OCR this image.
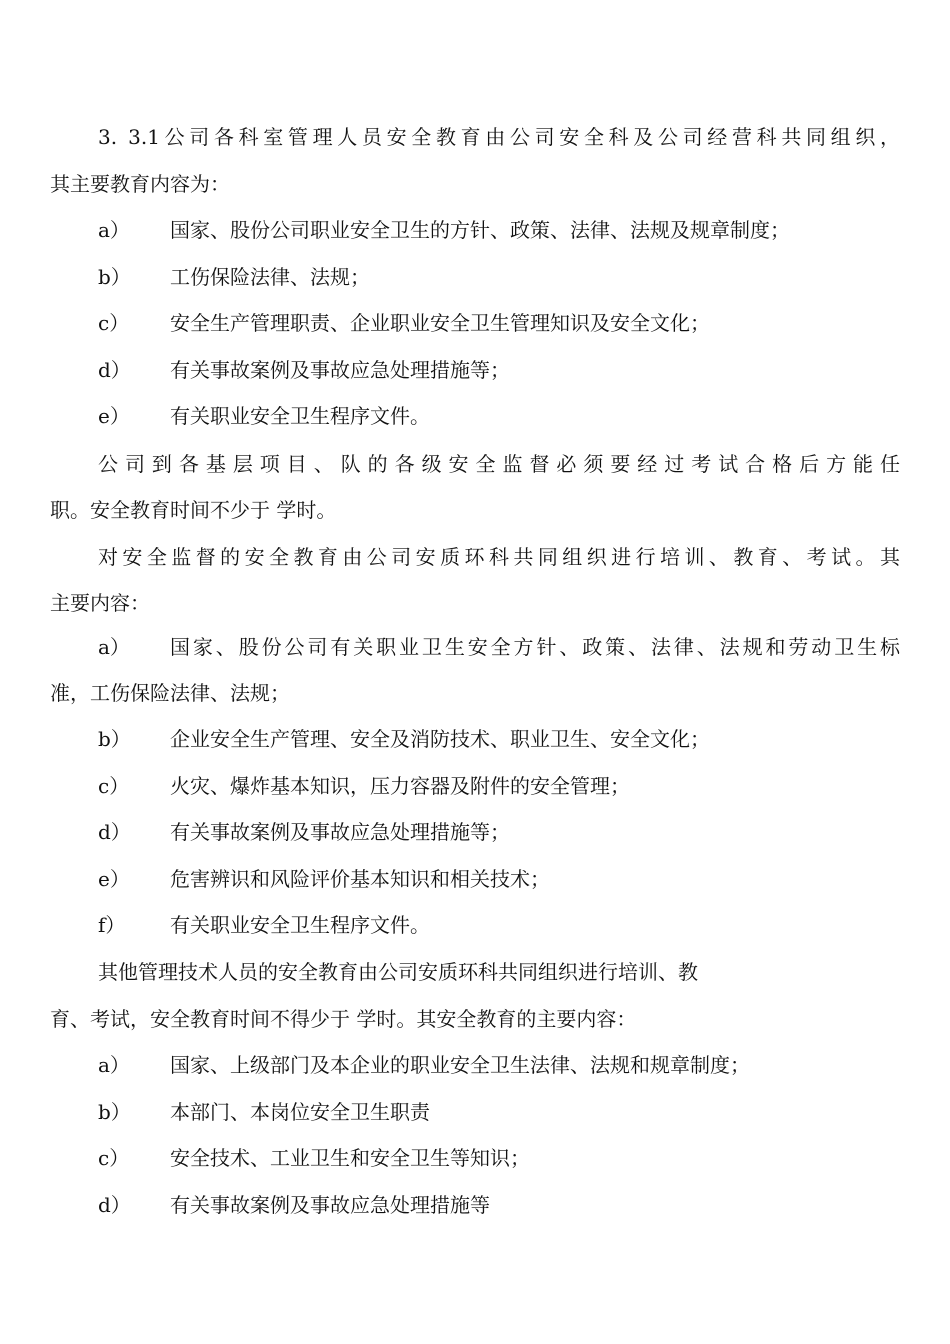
3. 3.1公司各科室管理人员安全教育由公司安全科及公司经营科共同组织，
其主要教育内容为：
a）	国家、股份公司职业安全卫生的方针、政策、法律、法规及规章制度；
b）	工伤保险法律、法规；
c）	安全生产管理职责、企业职业安全卫生管理知识及安全文化；
d）	有关事故案例及事故应急处理措施等；
e）	有关职业安全卫生程序文件。
公司到各基层项目、队的各级安全监督必须要经过考试合格后方能任
职。安全教育时间不少于 学时。
对安全监督的安全教育由公司安质环科共同组织进行培训、教育、考试。其
主要内容：
a）	国家、股份公司有关职业卫生安全方针、政策、法律、法规和劳动卫生标
准，工伤保险法律、法规；
b）	企业安全生产管理、安全及消防技术、职业卫生、安全文化；
c）	火灾、爆炸基本知识，压力容器及附件的安全管理；
d）	有关事故案例及事故应急处理措施等；
e）	危害辨识和风险评价基本知识和相关技术；
f）	有关职业安全卫生程序文件。
其他管理技术人员的安全教育由公司安质环科共同组织进行培训、教
育、考试，安全教育时间不得少于 学时。其安全教育的主要内容：
a）	国家、上级部门及本企业的职业安全卫生法律、法规和规章制度；
b）	本部门、本岗位安全卫生职责
c）	安全技术、工业卫生和安全卫生等知识；
d）	有关事故案例及事故应急处理措施等
